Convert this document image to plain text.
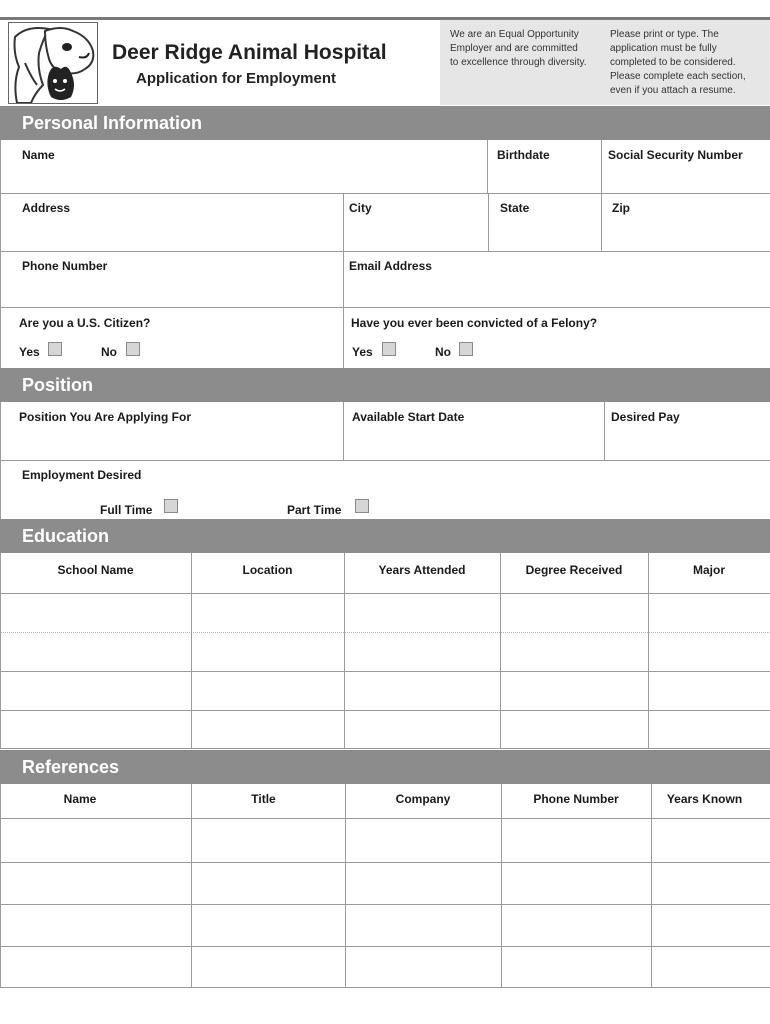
Deer Ridge Animal Hospital
Application for Employment
We are an Equal Opportunity
Employer and are committed
to excellence through diversity.
Please print or type. The
application must be fully
completed to be considered.
Please complete each section,
even if you attach a resume.
Personal Information
Name	Birthdate	Social Security Number
Address	City	State	Zip
Phone Number	Email Address
Are you a U.S. Citizen?	Have you ever been convicted of a Felony?
Yes	No	Yes	No
Position
Position You Are Applying For	Available Start Date	Desired Pay
Employment Desired
Full Time	Part Time
Education
School Name	Location	Years Attended	Degree Received	Major
References
Name	Title	Company	Phone Number	Years Known
